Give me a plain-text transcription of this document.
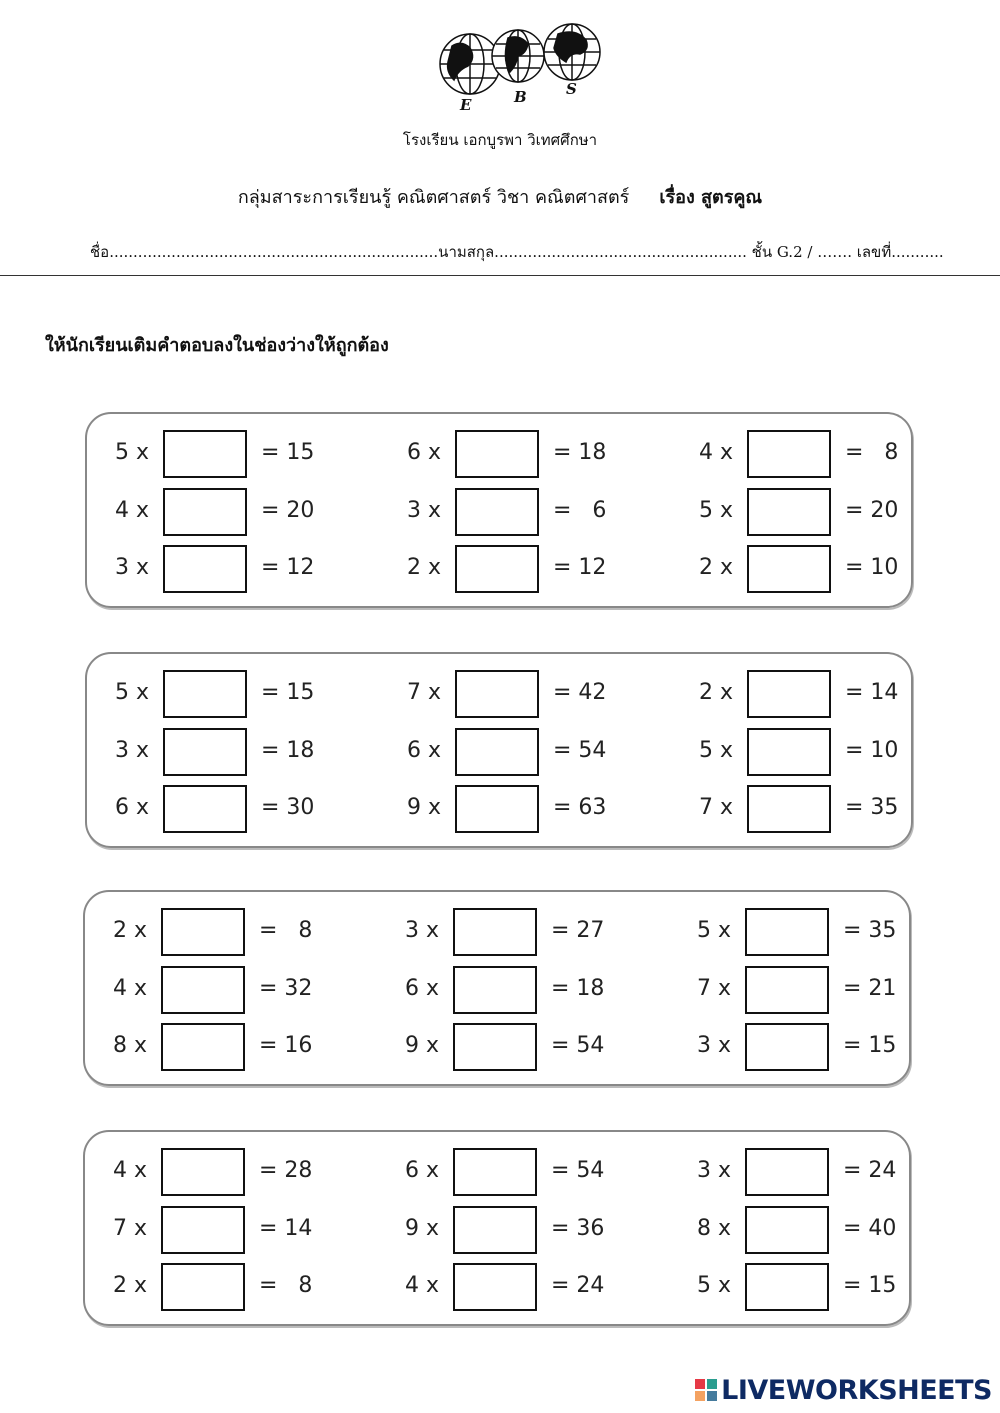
E	B	S
โรงเรียน เอกบูรพา วิเทศศึกษา
กลุ่มสาระการเรียนรู้ คณิตศาสตร์ วิชา คณิตศาสตร์ เรื่อง สูตรคูณ
ชื่อ.....................................................................นามสกุล..................................................... ชั้น G.2 / ……. เลขที่...........
ให้นักเรียนเติมคำตอบลงในช่องว่างให้ถูกต้อง
5 x	= 15	6 x	= 18	4 x	=   8
4 x	= 20	3 x	=   6	5 x	= 20
3 x	= 12	2 x	= 12	2 x	= 10
5 x	= 15	7 x	= 42	2 x	= 14
3 x	= 18	6 x	= 54	5 x	= 10
6 x	= 30	9 x	= 63	7 x	= 35
2 x	=   8	3 x	= 27	5 x	= 35
4 x	= 32	6 x	= 18	7 x	= 21
8 x	= 16	9 x	= 54	3 x	= 15
4 x	= 28	6 x	= 54	3 x	= 24
7 x	= 14	9 x	= 36	8 x	= 40
2 x	=   8	4 x	= 24	5 x	= 15
LIVEWORKSHEETS
